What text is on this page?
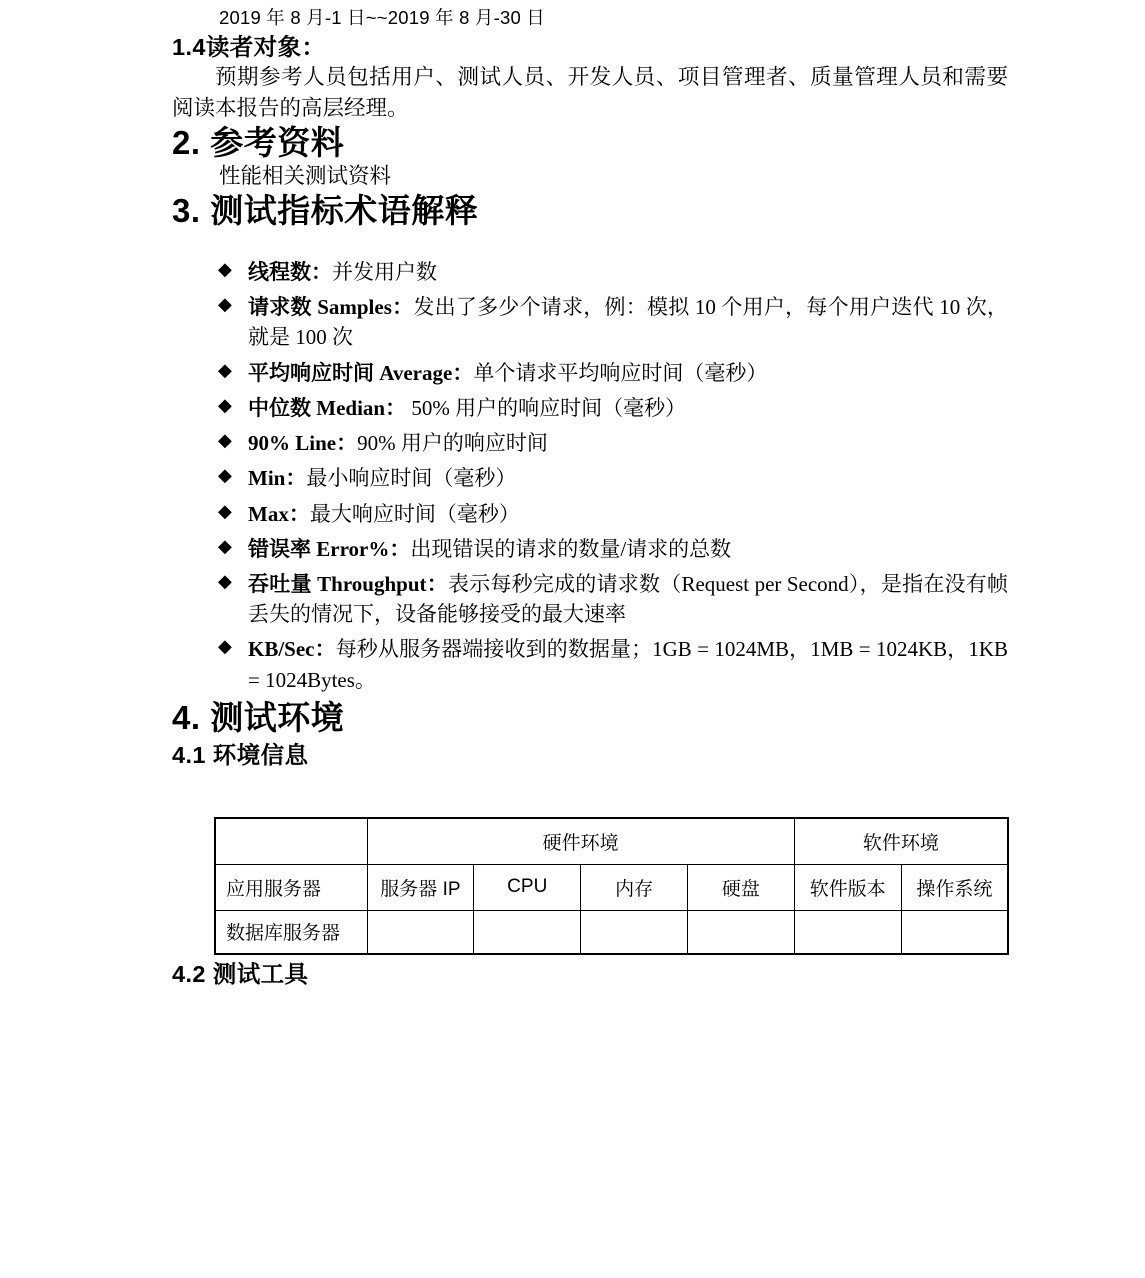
2019 年 8 月-1 日~~2019 年 8 月-30 日
1.4读者对象：

预期参考人员包括用户、测试人员、开发人员、项目管理者、质量管理人员和需要阅读本报告的高层经理。

2. 参考资料

性能相关测试资料

3. 测试指标术语解释
◆ 线程数：并发用户数
◆ 请求数 Samples：发出了多少个请求，例：模拟 10 个用户，每个用户迭代 10 次，就是 100 次
◆ 平均响应时间 Average：单个请求平均响应时间（毫秒）
◆ 中位数 Median： 50% 用户的响应时间（毫秒）
◆ 90% Line：90% 用户的响应时间
◆ Min：最小响应时间（毫秒）
◆ Max：最大响应时间（毫秒）
◆ 错误率 Error%：出现错误的请求的数量/请求的总数
◆ 吞吐量 Throughput：表示每秒完成的请求数（Request per Second），是指在没有帧丢失的情况下，设备能够接受的最大速率
◆ KB/Sec：每秒从服务器端接收到的数据量；1GB = 1024MB，1MB = 1024KB，1KB = 1024Bytes。
4. 测试环境
4.1 环境信息
	硬件环境				软件环境	
应用服务器	服务器 IP	CPU	内存	硬盘	软件版本	操作系统
数据库服务器						
4.2 测试工具
